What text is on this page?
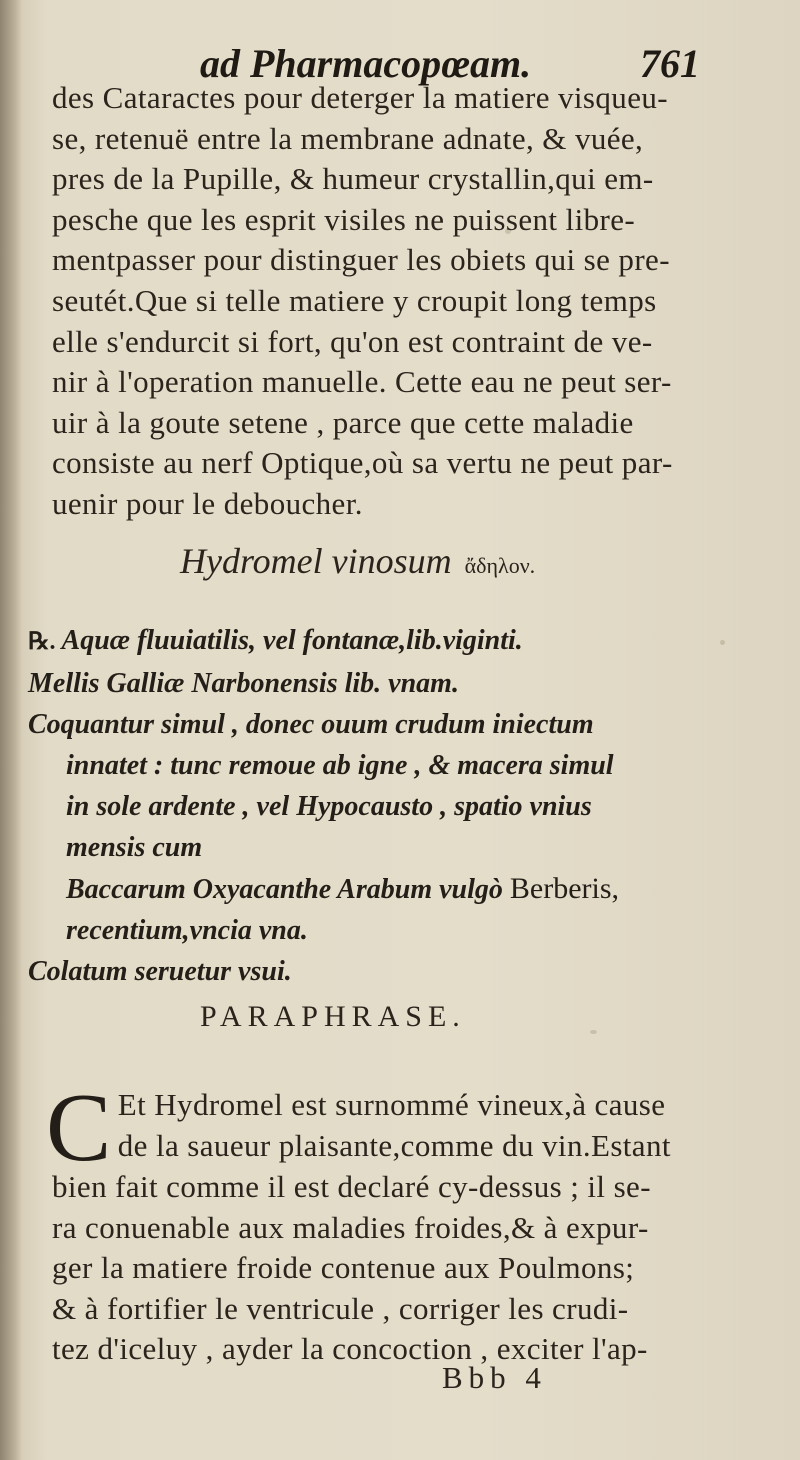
ad Pharmacopœam.	761
des Cataractes pour deterger la matiere visqueu-
se, retenuë entre la membrane adnate, & vuée,
pres de la Pupille, & humeur crystallin,qui em-
pesche que les esprit visiles ne puissent libre-
mentpasser pour distinguer les obiets qui se pre-
seutét.Que si telle matiere y croupit long temps
elle s'endurcit si fort, qu'on est contraint de ve-
nir à l'operation manuelle. Cette eau ne peut ser-
uir à la goute setene , parce que cette maladie
consiste au nerf Optique,où sa vertu ne peut par-
uenir pour le deboucher.
Hydromel vinosum ἄδηλον.
℞. Aquæ fluuiatilis, vel fontanæ,lib.viginti.
Mellis Galliæ Narbonensis lib. vnam.
Coquantur simul , donec ouum crudum iniectum
innatet : tunc remoue ab igne , & macera simul
in sole ardente , vel Hypocausto , spatio vnius
mensis cum
Baccarum Oxyacanthe Arabum vulgò Berberis,
recentium,vncia vna.
Colatum seruetur vsui.
PARAPHRASE.
C Et Hydromel est surnommé vineux,à cause
de la saueur plaisante,comme du vin.Estant
bien fait comme il est declaré cy-dessus ; il se-
ra conuenable aux maladies froides,& à expur-
ger la matiere froide contenue aux Poulmons;
& à fortifier le ventricule , corriger les crudi-
tez d'iceluy , ayder la concoction , exciter l'ap-
Bbb 4
